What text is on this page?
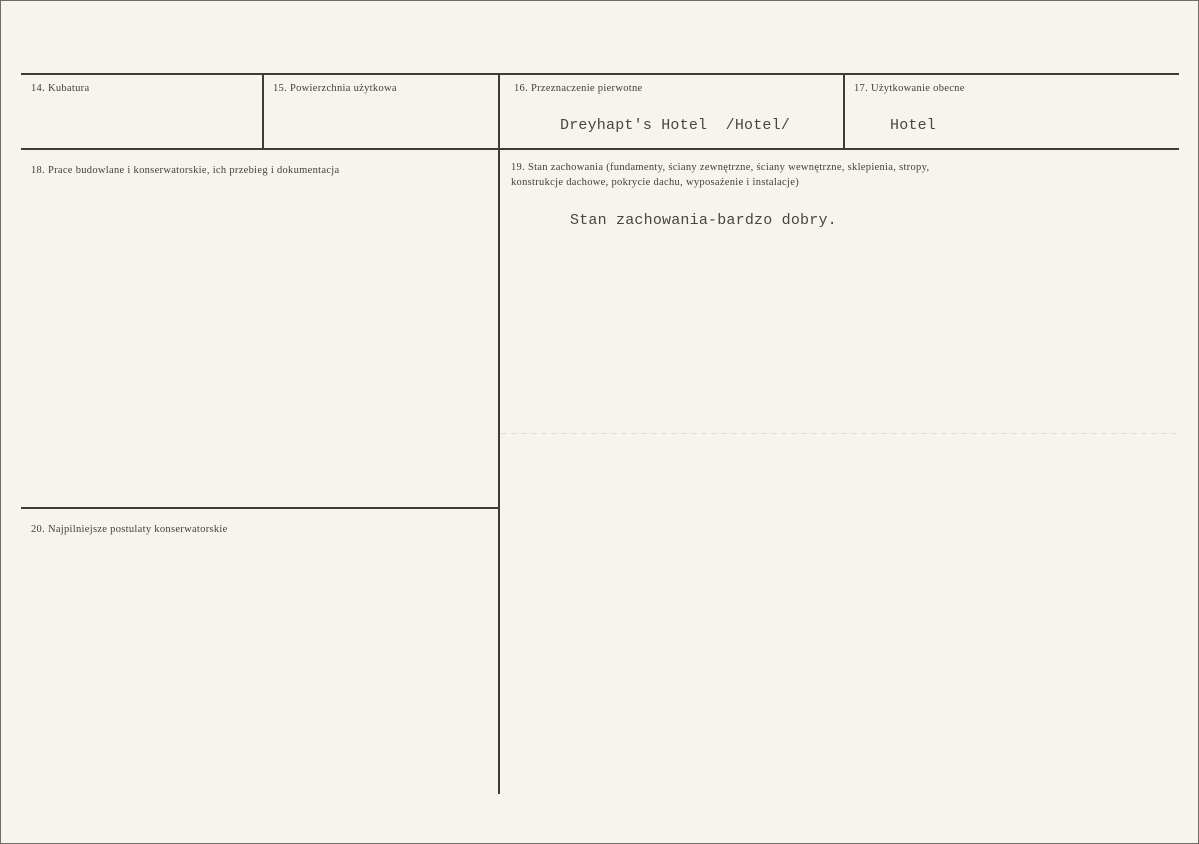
14. Kubatura	15. Powierzchnia użytkowa	16. Przeznaczenie pierwotne
Dreyhapt's Hotel  /Hotel/
17. Użytkowanie obecne
Hotel
18. Prace budowlane i konserwatorskie, ich przebieg i dokumentacja	19. Stan zachowania (fundamenty, ściany zewnętrzne, ściany wewnętrzne, sklepienia, stropy,
konstrukcje dachowe, pokrycie dachu, wyposażenie i instalacje)
Stan zachowania-bardzo dobry.
20. Najpilniejsze postulaty konserwatorskie
